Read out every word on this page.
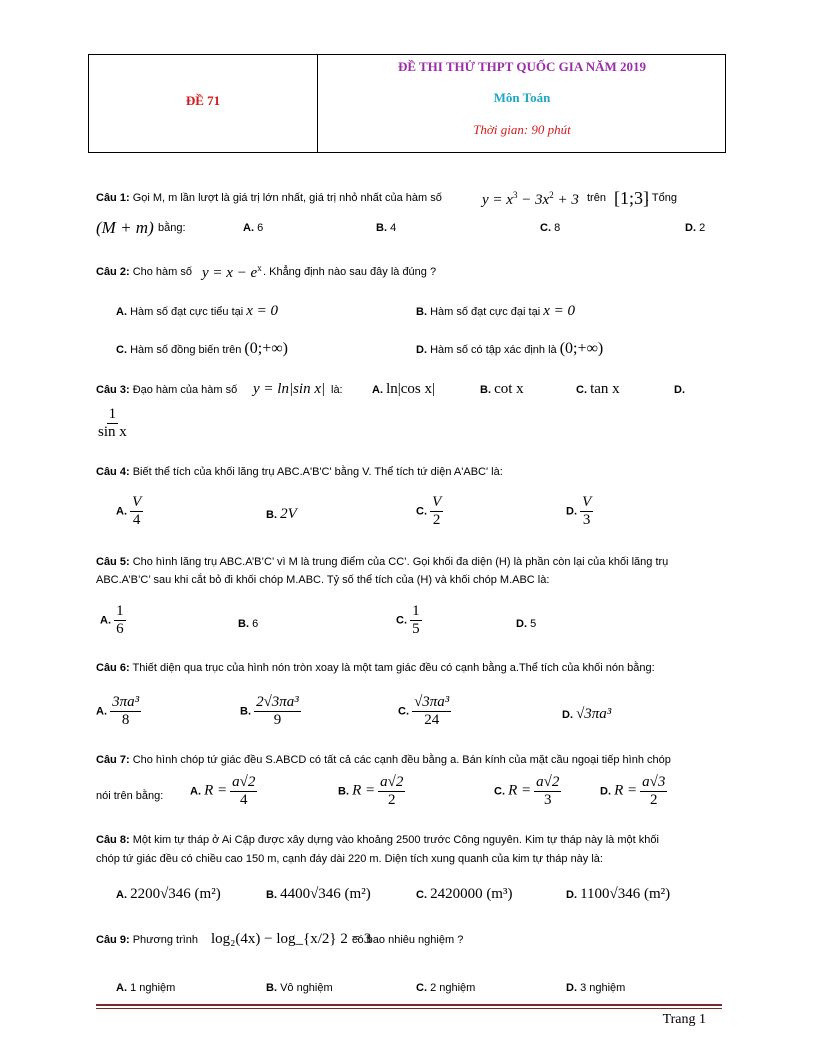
ĐỀ 71
ĐỀ THI THỬ THPT QUỐC GIA NĂM 2019
Môn Toán
Thời gian: 90 phút
Câu 1: Gọi M, m lần lượt là giá trị lớn nhất, giá trị nhỏ nhất của hàm số	$y = x^3 - 3x^2 + 3$ trên [1;3]
. Tổng
(M + m) bằng:	A. 6	B. 4	C. 8	D. 2
Câu 2: Cho hàm số $y = x - e^x$ . Khẳng định nào sau đây là đúng ?
A. Hàm số đạt cực tiểu tại x = 0	B. Hàm số đạt cực đại tại x = 0
C. Hàm số đồng biến trên (0;+∞)	D. Hàm số có tập xác định là (0;+∞)
Câu 3: Đạo hàm của hàm số y = ln|sin x| là:	A. ln|cos x|	B. cot x	C. tan x	D.
$\frac{1}{\text{sin x}}$
Câu 4: Biết thể tích của khối lăng trụ ABC.A'B'C' bằng V. Thể tích tứ diện A'ABC' là:
A. $\frac{V}{4}$	B. 2V	C. $\frac{V}{2}$	D. $\frac{V}{3}$
Câu 5: Cho hình lăng trụ ABC.A’B’C’ vì M là trung điểm của CC’. Gọi khối đa diện (H) là phần còn lại của khối lăng trụ
ABC.A’B’C’ sau khi cắt bỏ đi khối chóp M.ABC. Tỷ số thể tích của (H) và khối chóp M.ABC là:
A. $\frac{1}{6}$	B. 6	C. $\frac{1}{5}$	D. 5
Câu 6: Thiết diện qua trục của hình nón tròn xoay là một tam giác đều có cạnh bằng a.Thể tích của khối nón bằng:
A. $\frac{\text{3πa³}}{8}$	B. $\frac{\text{2√3πa³}}{9}$	C. $\frac{\text{√3πa³}}{24}$	D. √3πa³
Câu 7: Cho hình chóp tứ giác đều S.ABCD có tất cả các cạnh đều bằng a. Bán kính của mặt cầu ngoại tiếp hình chóp
nói trên bằng: A. $R = \frac{a√2}{4}$	B. $R = \frac{a√2}{2}$	C. $R = \frac{a√2}{3}$	D. $R = \frac{a√3}{2}$
Câu 8: Một kim tự tháp ở Ai Cập được xây dựng vào khoảng 2500 trước Công nguyên. Kim tự tháp này là một khối
chóp tứ giác đều có chiều cao 150 m, cạnh đáy dài 220 m. Diện tích xung quanh của kim tự tháp này là:
A. 2200√346 (m²)	B. 4400√346 (m²)	C. 2420000 (m³)	D. 1100√346 (m²)
Câu 9: Phương trình log₂(4x) − log_{x/2} 2 = 3
có bao nhiêu nghiệm ?
A. 1 nghiệm	B. Vô nghiệm	C. 2 nghiệm	D. 3 nghiệm
Trang 1
